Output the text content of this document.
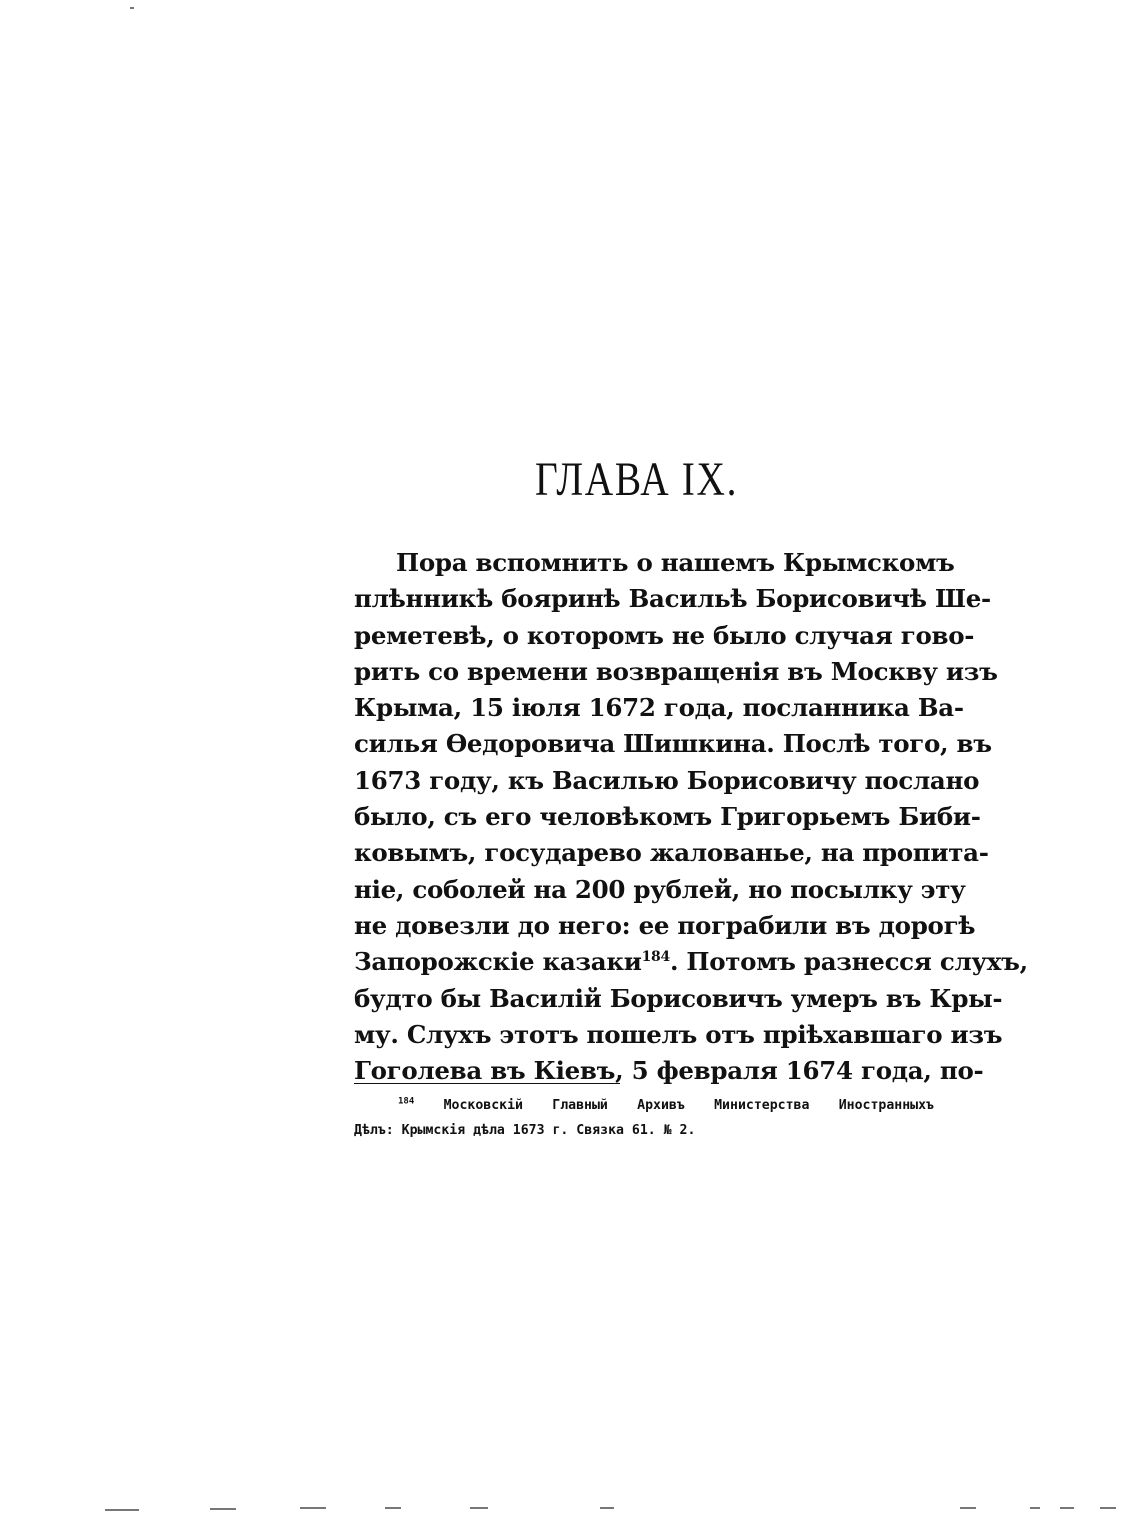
ГЛАВА IX.
Пора вспомнить о нашемъ Крымскомъ
плѣнникѣ бояринѣ Васильѣ Борисовичѣ Ше-
реметевѣ, о которомъ не было случая гово-
рить со времени возвращенія въ Москву изъ
Крыма, 15 іюля 1672 года, посланника Ва-
силья Ѳедоровича Шишкина. Послѣ того, въ
1673 году, къ Василью Борисовичу послано
было, съ его человѣкомъ Григорьемъ Биби-
ковымъ, государево жалованье, на пропита-
ніе, соболей на 200 рублей, но посылку эту
не довезли до него: ее пограбили въ дорогѣ
Запорожскіе казаки$^{184}$. Потомъ разнесся слухъ,
будто бы Василій Борисовичъ умеръ въ Кры-
му. Слухъ этотъ пошелъ отъ пріѣхавшаго изъ
Гоголева въ Кіевъ, 5 февраля 1674 года, по-
$^{184}$ Московскій Главный Архивъ Министерства Иностранныхъ
Дѣлъ: Крымскія дѣла 1673 г. Связка 61. № 2.
